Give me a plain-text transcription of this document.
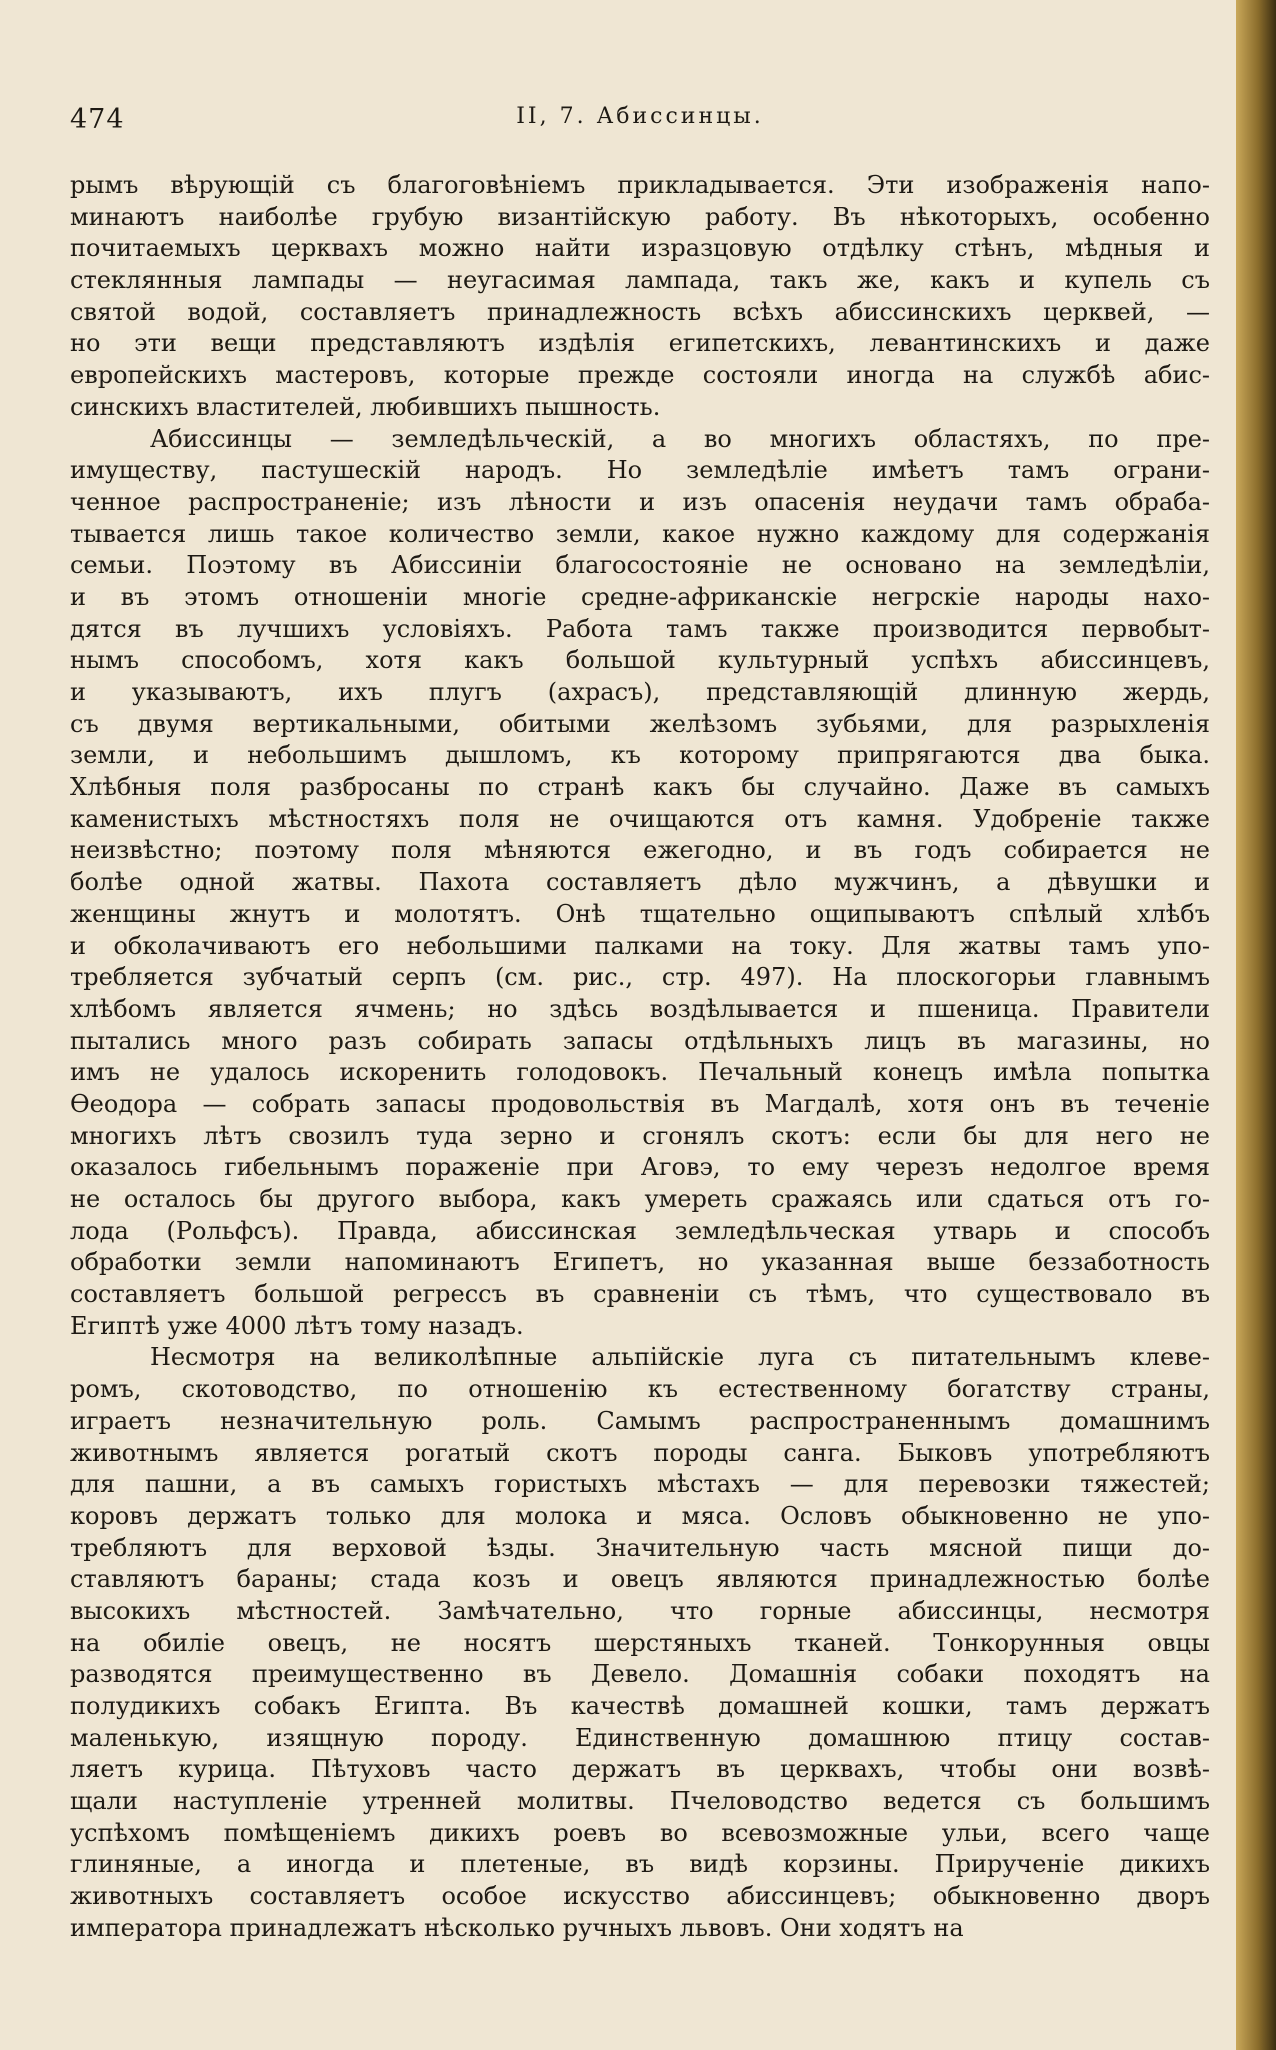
474	II, 7. Абиссинцы.
рымъ вѣрующій съ благоговѣніемъ прикладывается. Эти изображенія напо-
минаютъ наиболѣе грубую византійскую работу. Въ нѣкоторыхъ, особенно
почитаемыхъ церквахъ можно найти изразцовую отдѣлку стѣнъ, мѣдныя и
стеклянныя лампады — неугасимая лампада, такъ же, какъ и купель съ
святой водой, составляетъ принадлежность всѣхъ абиссинскихъ церквей, —
но эти вещи представляютъ издѣлія египетскихъ, левантинскихъ и даже
европейскихъ мастеровъ, которые прежде состояли иногда на службѣ абис-
синскихъ властителей, любившихъ пышность.
Абиссинцы — земледѣльческій, а во многихъ областяхъ, по пре-
имуществу, пастушескій народъ. Но земледѣліе имѣетъ тамъ ограни-
ченное распространеніе; изъ лѣности и изъ опасенія неудачи тамъ обраба-
тывается лишь такое количество земли, какое нужно каждому для содержанія
семьи. Поэтому въ Абиссиніи благосостояніе не основано на земледѣліи,
и въ этомъ отношеніи многіе средне-африканскіе негрскіе народы нахо-
дятся въ лучшихъ условіяхъ. Работа тамъ также производится первобыт-
нымъ способомъ, хотя какъ большой культурный успѣхъ абиссинцевъ,
и указываютъ, ихъ плугъ (ахрасъ), представляющій длинную жердь,
съ двумя вертикальными, обитыми желѣзомъ зубьями, для разрыхленія
земли, и небольшимъ дышломъ, къ которому припрягаются два быка.
Хлѣбныя поля разбросаны по странѣ какъ бы случайно. Даже въ самыхъ
каменистыхъ мѣстностяхъ поля не очищаются отъ камня. Удобреніе также
неизвѣстно; поэтому поля мѣняются ежегодно, и въ годъ собирается не
болѣе одной жатвы. Пахота составляетъ дѣло мужчинъ, а дѣвушки и
женщины жнутъ и молотятъ. Онѣ тщательно ощипываютъ спѣлый хлѣбъ
и обколачиваютъ его небольшими палками на току. Для жатвы тамъ упо-
требляется зубчатый серпъ (см. рис., стр. 497). На плоскогорьи главнымъ
хлѣбомъ является ячмень; но здѣсь воздѣлывается и пшеница. Правители
пытались много разъ собирать запасы отдѣльныхъ лицъ въ магазины, но
имъ не удалось искоренить голодовокъ. Печальный конецъ имѣла попытка
Ѳеодора — собрать запасы продовольствія въ Магдалѣ, хотя онъ въ теченіе
многихъ лѣтъ свозилъ туда зерно и сгонялъ скотъ: если бы для него не
оказалось гибельнымъ пораженіе при Аговэ, то ему черезъ недолгое время
не осталось бы другого выбора, какъ умереть сражаясь или сдаться отъ го-
лода (Рольфсъ). Правда, абиссинская земледѣльческая утварь и способъ
обработки земли напоминаютъ Египетъ, но указанная выше беззаботность
составляетъ большой регрессъ въ сравненіи съ тѣмъ, что существовало въ
Египтѣ уже 4000 лѣтъ тому назадъ.
Несмотря на великолѣпные альпійскіе луга съ питательнымъ клеве-
ромъ, скотоводство, по отношенію къ естественному богатству страны,
играетъ незначительную роль. Самымъ распространеннымъ домашнимъ
животнымъ является рогатый скотъ породы санга. Быковъ употребляютъ
для пашни, а въ самыхъ гористыхъ мѣстахъ — для перевозки тяжестей;
коровъ держатъ только для молока и мяса. Ословъ обыкновенно не упо-
требляютъ для верховой ѣзды. Значительную часть мясной пищи до-
ставляютъ бараны; стада козъ и овецъ являются принадлежностью болѣе
высокихъ мѣстностей. Замѣчательно, что горные абиссинцы, несмотря
на обиліе овецъ, не носятъ шерстяныхъ тканей. Тонкорунныя овцы
разводятся преимущественно въ Девело. Домашнія собаки походятъ на
полудикихъ собакъ Египта. Въ качествѣ домашней кошки, тамъ держатъ
маленькую, изящную породу. Единственную домашнюю птицу состав-
ляетъ курица. Пѣтуховъ часто держатъ въ церквахъ, чтобы они возвѣ-
щали наступленіе утренней молитвы. Пчеловодство ведется съ большимъ
успѣхомъ помѣщеніемъ дикихъ роевъ во всевозможные ульи, всего чаще
глиняные, а иногда и плетеные, въ видѣ корзины. Прирученіе дикихъ
животныхъ составляетъ особое искусство абиссинцевъ; обыкновенно дворъ
императора принадлежатъ нѣсколько ручныхъ львовъ. Они ходятъ на
